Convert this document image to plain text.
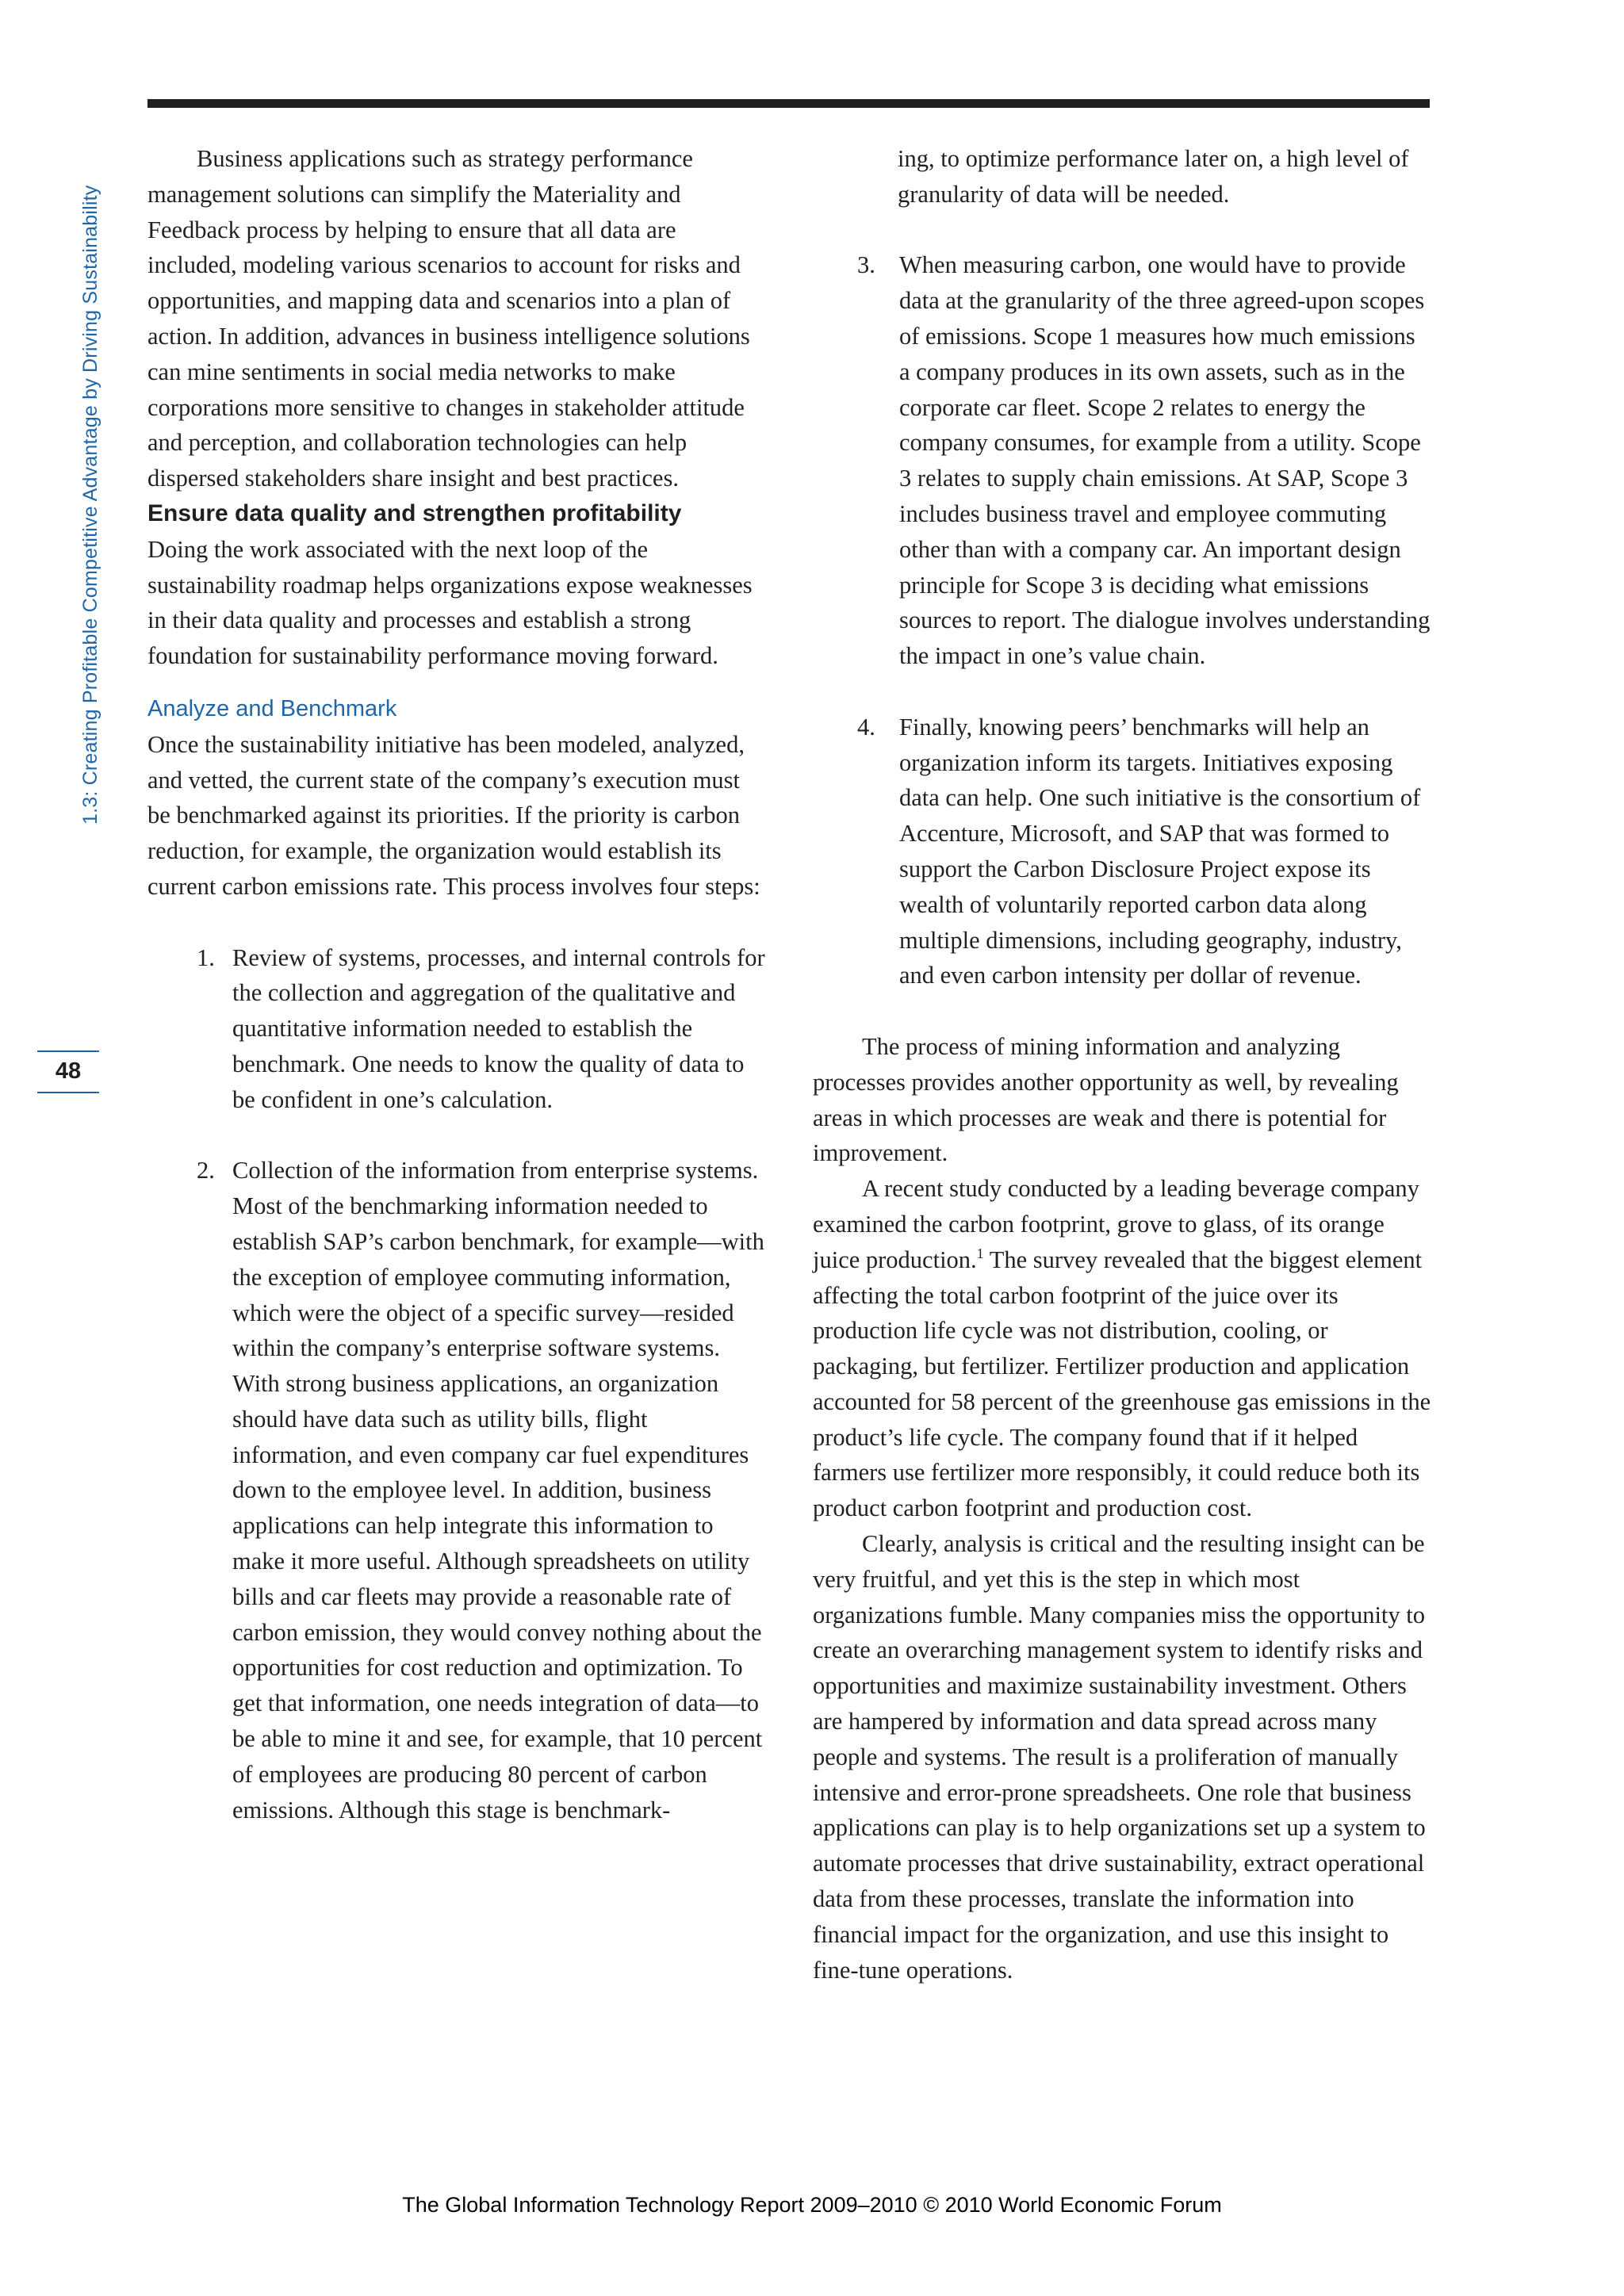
1.3: Creating Profitable Competitive Advantage by Driving Sustainability
48

Business applications such as strategy performance management solutions can simplify the Materiality and Feedback process by helping to ensure that all data are included, modeling various scenarios to account for risks and opportunities, and mapping data and scenarios into a plan of action. In addition, advances in business intelligence solutions can mine sentiments in social media networks to make corporations more sensitive to changes in stakeholder attitude and perception, and collaboration technologies can help dispersed stakeholders share insight and best practices.

Ensure data quality and strengthen profitability

Doing the work associated with the next loop of the sustainability roadmap helps organizations expose weaknesses in their data quality and processes and establish a strong foundation for sustainability performance moving forward.

Analyze and Benchmark

Once the sustainability initiative has been modeled, analyzed, and vetted, the current state of the company’s execution must be benchmarked against its priorities. If the priority is carbon reduction, for example, the organization would establish its current carbon emissions rate. This process involves four steps:

1. Review of systems, processes, and internal controls for the collection and aggregation of the qualitative and quantitative information needed to establish the benchmark. One needs to know the quality of data to be confident in one’s calculation.
2. Collection of the information from enterprise systems. Most of the benchmarking information needed to establish SAP’s carbon benchmark, for example—with the exception of employee commuting information, which were the object of a specific survey—resided within the company’s enterprise software systems. With strong business applications, an organization should have data such as utility bills, flight information, and even company car fuel expenditures down to the employee level. In addition, business applications can help integrate this information to make it more useful. Although spreadsheets on utility bills and car fleets may provide a reasonable rate of carbon emission, they would convey nothing about the opportunities for cost reduction and optimization. To get that information, one needs integration of data—to be able to mine it and see, for example, that 10 percent of employees are producing 80 percent of carbon emissions. Although this stage is benchmark-

ing, to optimize performance later on, a high level of granularity of data will be needed.

3. When measuring carbon, one would have to provide data at the granularity of the three agreed-upon scopes of emissions. Scope 1 measures how much emissions a company produces in its own assets, such as in the corporate car fleet. Scope 2 relates to energy the company consumes, for example from a utility. Scope 3 relates to supply chain emissions. At SAP, Scope 3 includes business travel and employee commuting other than with a company car. An important design principle for Scope 3 is deciding what emissions sources to report. The dialogue involves understanding the impact in one’s value chain.
4. Finally, knowing peers’ benchmarks will help an organization inform its targets. Initiatives exposing data can help. One such initiative is the consortium of Accenture, Microsoft, and SAP that was formed to support the Carbon Disclosure Project expose its wealth of voluntarily reported carbon data along multiple dimensions, including geography, industry, and even carbon intensity per dollar of revenue.

The process of mining information and analyzing processes provides another opportunity as well, by revealing areas in which processes are weak and there is potential for improvement.

A recent study conducted by a leading beverage company examined the carbon footprint, grove to glass, of its orange juice production.$^1$ The survey revealed that the biggest element affecting the total carbon footprint of the juice over its production life cycle was not distribution, cooling, or packaging, but fertilizer. Fertilizer production and application accounted for 58 percent of the greenhouse gas emissions in the product’s life cycle. The company found that if it helped farmers use fertilizer more responsibly, it could reduce both its product carbon footprint and production cost.

Clearly, analysis is critical and the resulting insight can be very fruitful, and yet this is the step in which most organizations fumble. Many companies miss the opportunity to create an overarching management system to identify risks and opportunities and maximize sustainability investment. Others are hampered by information and data spread across many people and systems. The result is a proliferation of manually intensive and error-prone spreadsheets. One role that business applications can play is to help organizations set up a system to automate processes that drive sustainability, extract operational data from these processes, translate the information into financial impact for the organization, and use this insight to fine-tune operations.

The Global Information Technology Report 2009–2010 © 2010 World Economic Forum
